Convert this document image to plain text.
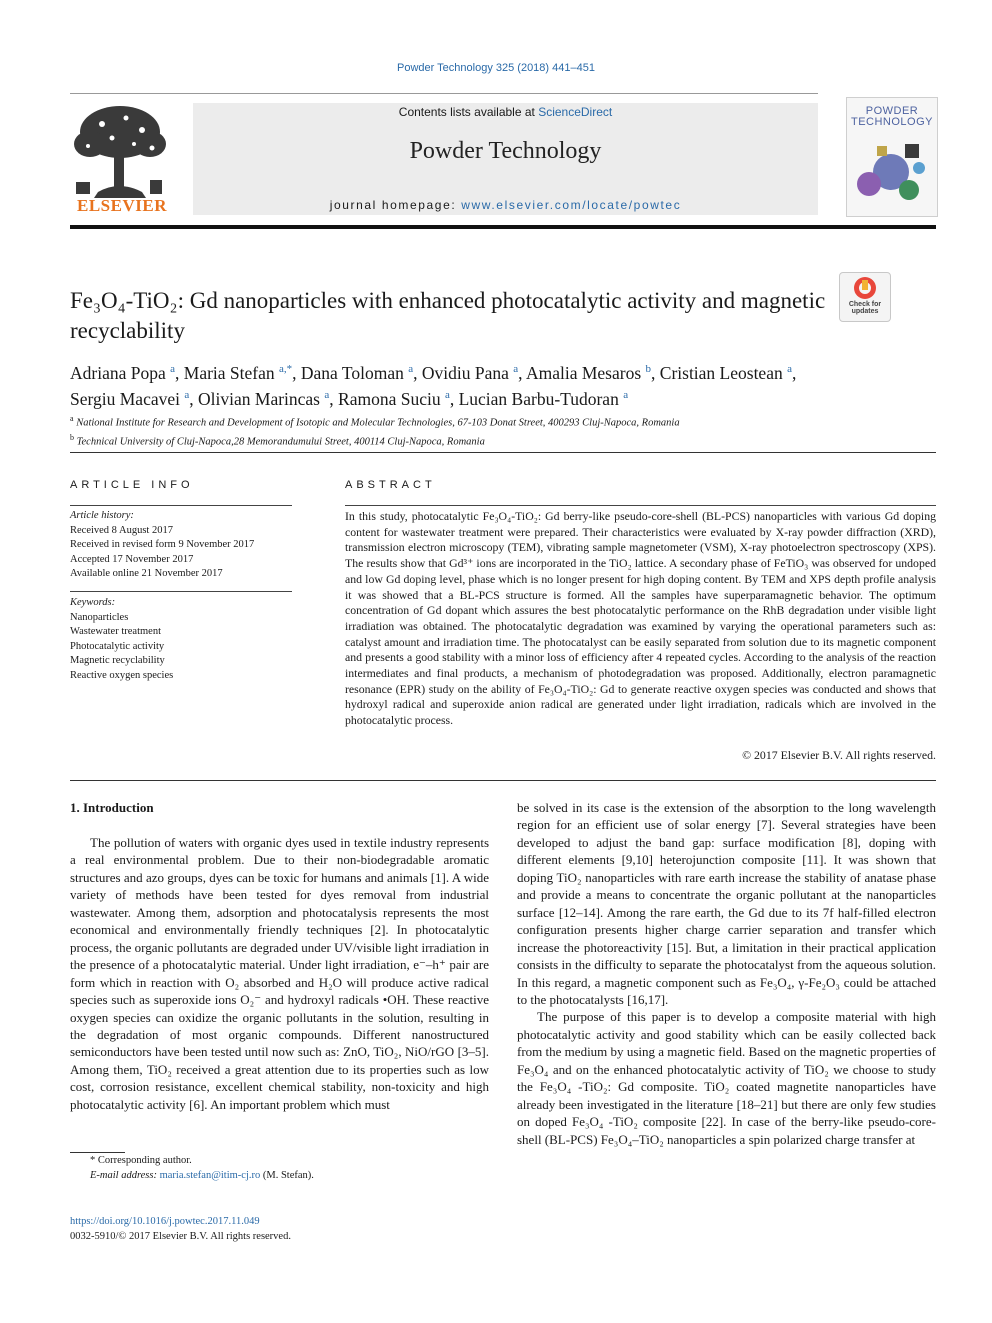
Powder Technology 325 (2018) 441–451
ELSEVIER
Contents lists available at ScienceDirect
Powder Technology
journal homepage: www.elsevier.com/locate/powtec
POWDER TECHNOLOGY
Fe₃O₄-TiO₂: Gd nanoparticles with enhanced photocatalytic activity and magnetic recyclability
Check for updates
Adriana Popa $^a$, Maria Stefan $^{a,*}$, Dana Toloman $^a$, Ovidiu Pana $^a$, Amalia Mesaros $^b$, Cristian Leostean $^a$,
Sergiu Macavei $^a$, Olivian Marincas $^a$, Ramona Suciu $^a$, Lucian Barbu-Tudoran $^a$
$^a$ National Institute for Research and Development of Isotopic and Molecular Technologies, 67-103 Donat Street, 400293 Cluj-Napoca, Romania
$^b$ Technical University of Cluj-Napoca,28 Memorandumului Street, 400114 Cluj-Napoca, Romania
ARTICLE INFO
Article history:
Received 8 August 2017
Received in revised form 9 November 2017
Accepted 17 November 2017
Available online 21 November 2017
Keywords:
Nanoparticles
Wastewater treatment
Photocatalytic activity
Magnetic recyclability
Reactive oxygen species
ABSTRACT
In this study, photocatalytic Fe₃O₄-TiO₂: Gd berry-like pseudo-core-shell (BL-PCS) nanoparticles with various Gd doping content for wastewater treatment were prepared. Their characteristics were evaluated by X-ray powder diffraction (XRD), transmission electron microscopy (TEM), vibrating sample magnetometer (VSM), X-ray photoelectron spectroscopy (XPS). The results show that Gd³⁺ ions are incorporated in the TiO₂ lattice. A secondary phase of FeTiO₃ was observed for undoped and low Gd doping level, phase which is no longer present for high doping content. By TEM and XPS depth profile analysis it was showed that a BL-PCS structure is formed. All the samples have superparamagnetic behavior. The optimum concentration of Gd dopant which assures the best photocatalytic performance on the RhB degradation under visible light irradiation was obtained. The photocatalytic degradation was examined by varying the operational parameters such as: catalyst amount and irradiation time. The photocatalyst can be easily separated from solution due to its magnetic component and presents a good stability with a minor loss of efficiency after 4 repeated cycles. According to the analysis of the reaction intermediates and final products, a mechanism of photodegradation was proposed. Additionally, electron paramagnetic resonance (EPR) study on the ability of Fe₃O₄-TiO₂: Gd to generate reactive oxygen species was conducted and shows that hydroxyl radical and superoxide anion radical are generated under light irradiation, radicals which are involved in the photocatalytic process.
© 2017 Elsevier B.V. All rights reserved.
1. Introduction

The pollution of waters with organic dyes used in textile industry represents a real environmental problem. Due to their non-biodegradable aromatic structures and azo groups, dyes can be toxic for humans and animals [1]. A wide variety of methods have been tested for dyes removal from industrial wastewater. Among them, adsorption and photocatalysis represents the most economical and environmentally friendly techniques [2]. In photocatalytic process, the organic pollutants are degraded under UV/visible light irradiation in the presence of a photocatalytic material. Under light irradiation, e⁻–h⁺ pair are form which in reaction with O₂ absorbed and H₂O will produce active radical species such as superoxide ions O₂⁻ and hydroxyl radicals •OH. These reactive oxygen species can oxidize the organic pollutants in the solution, resulting in the degradation of most organic compounds. Different nanostructured semiconductors have been tested until now such as: ZnO, TiO₂, NiO/rGO [3–5]. Among them, TiO₂ received a great attention due to its properties such as low cost, corrosion resistance, excellent chemical stability, non-toxicity and high photocatalytic activity [6]. An important problem which must

be solved in its case is the extension of the absorption to the long wavelength region for an efficient use of solar energy [7]. Several strategies have been developed to adjust the band gap: surface modification [8], doping with different elements [9,10] heterojunction composite [11]. It was shown that doping TiO₂ nanoparticles with rare earth increase the stability of anatase phase and provide a means to concentrate the organic pollutant at the nanoparticles surface [12–14]. Among the rare earth, the Gd due to its 7f half-filled electron configuration presents higher charge carrier separation and transfer which increase the photoreactivity [15]. But, a limitation in their practical application consists in the difficulty to separate the photocatalyst from the aqueous solution. In this regard, a magnetic component such as Fe₃O₄, γ-Fe₂O₃ could be attached to the photocatalysts [16,17].

The purpose of this paper is to develop a composite material with high photocatalytic activity and good stability which can be easily collected back from the medium by using a magnetic field. Based on the magnetic properties of Fe₃O₄ and on the enhanced photocatalytic activity of TiO₂ we choose to study the Fe₃O₄ -TiO₂: Gd composite. TiO₂ coated magnetite nanoparticles have already been investigated in the literature [18–21] but there are only few studies on doped Fe₃O₄ -TiO₂ composite [22]. In case of the berry-like pseudo-core-shell (BL-PCS) Fe₃O₄–TiO₂ nanoparticles a spin polarized charge transfer at

* Corresponding author.
E-mail address: maria.stefan@itim-cj.ro (M. Stefan).
https://doi.org/10.1016/j.powtec.2017.11.049
0032-5910/© 2017 Elsevier B.V. All rights reserved.
